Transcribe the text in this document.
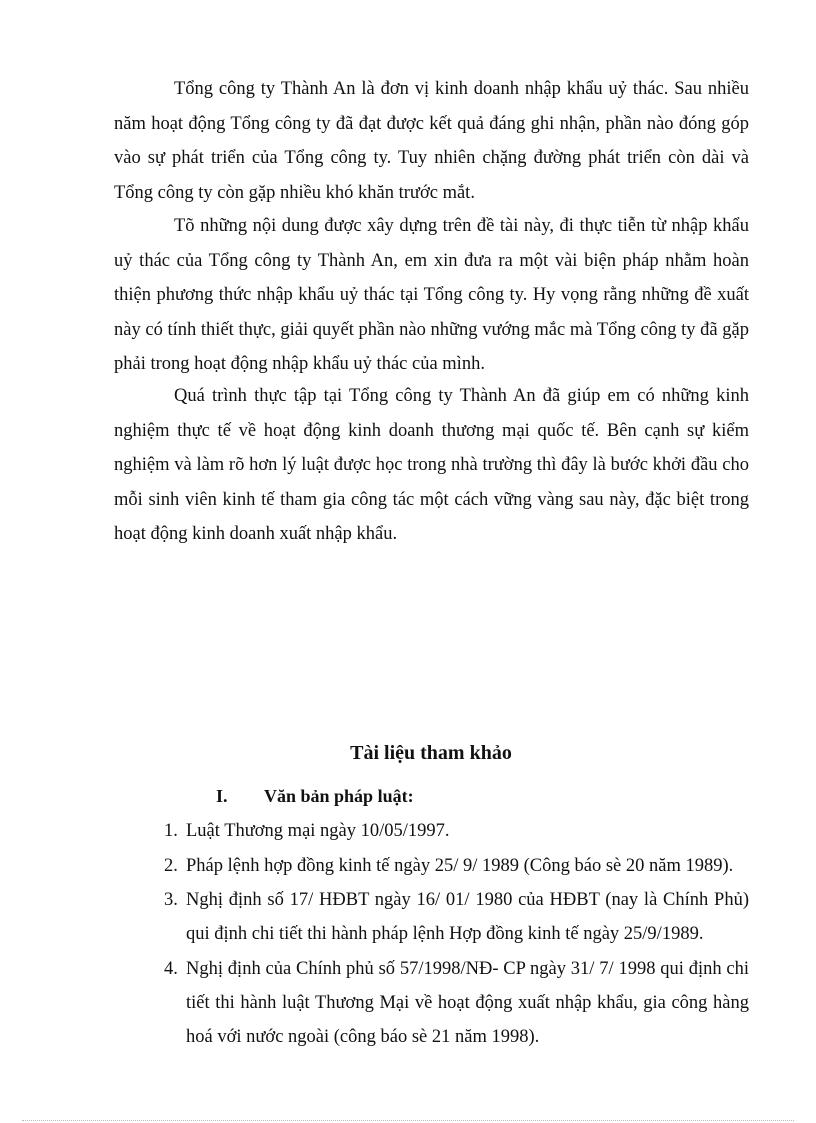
Tổng công ty Thành An là đơn vị kinh doanh nhập khẩu uỷ thác. Sau nhiều năm hoạt động Tổng công ty đã đạt được kết quả đáng ghi nhận, phần nào đóng góp vào sự phát triển của Tổng công ty. Tuy nhiên chặng đường phát triển còn dài và Tổng công ty còn gặp nhiều khó khăn trước mắt.

Tõ những nội dung được xây dựng trên đề tài này, đi thực tiễn từ nhập khẩu uỷ thác của Tổng công ty Thành An, em xin đưa ra một vài biện pháp nhằm hoàn thiện phương thức nhập khẩu uỷ thác tại Tổng công ty. Hy vọng rằng những đề xuất này có tính thiết thực, giải quyết phần nào những vướng mắc mà Tổng công ty đã gặp phải trong hoạt động nhập khẩu uỷ thác của mình.

Quá trình thực tập tại Tổng công ty Thành An đã giúp em có những kinh nghiệm thực tế về hoạt động kinh doanh thương mại quốc tế. Bên cạnh sự kiểm nghiệm và làm rõ hơn lý luật được học trong nhà trường thì đây là bước khởi đầu cho mỗi sinh viên kinh tế tham gia công tác một cách vững vàng sau này, đặc biệt trong hoạt động kinh doanh xuất nhập khẩu.

Tài liệu tham khảo
I. Văn bản pháp luật:
1. Luật Thương mại ngày 10/05/1997.
2. Pháp lệnh hợp đồng kinh tế ngày 25/ 9/ 1989 (Công báo sè 20 năm 1989).
3. Nghị định số 17/ HĐBT ngày 16/ 01/ 1980 của HĐBT (nay là Chính Phủ) qui định chi tiết thi hành pháp lệnh Hợp đồng kinh tế ngày 25/9/1989.
4. Nghị định của Chính phủ số 57/1998/NĐ- CP ngày 31/ 7/ 1998 qui định chi tiết thi hành luật Thương Mại về hoạt động xuất nhập khẩu, gia công hàng hoá với nước ngoài (công báo sè 21 năm 1998).
